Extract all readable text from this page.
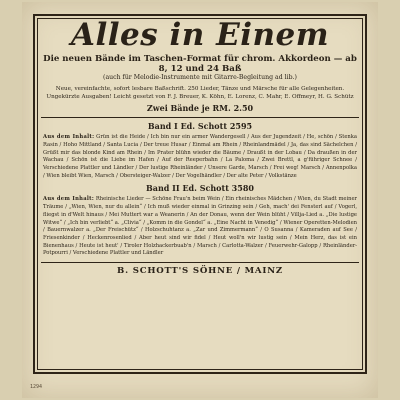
Alles in Einem
Die neuen Bände im Taschen-Format für chrom. Akkordeon — ab 8, 12 und 24 Baß
(auch für Melodie-Instrumente mit Gitarre-Begleitung ad lib.)
Neue, vereinfachte, sofort lesbare Baßschrift. 250 Lieder, Tänze und Märsche für alle Gelegenheiten. Ungekürzte Ausgaben! Leicht gesetzt von F. J. Breuer, K. Köhn, E. Lorenz, C. Mahr, E. Offmeyr, H. G. Schütz
Zwei Bände je RM. 2.50
Band I Ed. Schott 2595
Aus dem Inhalt: Grün ist die Heide / Ich bin nur ein armer Wandergesell / Aus der Jugendzeit / He, schön / Stenka Rasin / Hoho Mittland / Santa Lucia / Der treue Husar / Einmal am Rhein / Rheinlandmädel / Ja, das sind Sächelchen / Grüßt mir das blonde Kind am Rhein / Im Prater blühn wieder die Bäume / Draußt in der Lobau / Da draußen in der Wachau / Schön ist die Liebe im Hafen / Auf der Reeperbahn / La Paloma / Zwei Brettl, a g'führiger Schnee / Verschiedene Plattler und Ländler / Der lustige Rheinländer / Unsere Garde, Marsch / Frei weg! Marsch / Annenpolka / Wien bleibt Wien, Marsch / Obersteiger-Walzer / Der Vogelhändler / Der alte Peter / Volkstänze
Band II Ed. Schott 3580
Aus dem Inhalt: Rheinische Lieder — Schöne Frau'n beim Wein / Ein rheinisches Mädchen / Wien, du Stadt meiner Träume / „Wien, Wien, nur du allein“ / Ich muß wieder einmal in Grinzing sein / Geh, mach' dei Fensterl auf / Vogerl, fliegst in d'Welt hinaus / Mei Muttert war a Weanerin / An der Donau, wenn der Wein blüht / Villja-Lied a. „Die lustige Witwe“ / „Ich bin verliebt“ a. „Clivia“ / „Komm in die Gondel“ a. „Eine Nacht in Venedig“ / Wiener Operetten-Melodien / Bauernwalzer a. „Der Freischütz“ / Holzschuhtanz a. „Zar und Zimmermann“ / O Susanna / Kameraden auf See / Friesenkinder / Heckenrosenlied / Aber heut sind wir fidel / Heut woll'n wir lustig sein / Mein Herz, das ist ein Bienenhaus / Heute ist heut' / Tiroler Holzhackerbuab'n / Marsch / Carlotta-Walzer / Feuerwehr-Galopp / Rheinländer-Potpourri / Verschiedene Plattler und Ländler
B. SCHOTT'S SÖHNE / MAINZ
1294
